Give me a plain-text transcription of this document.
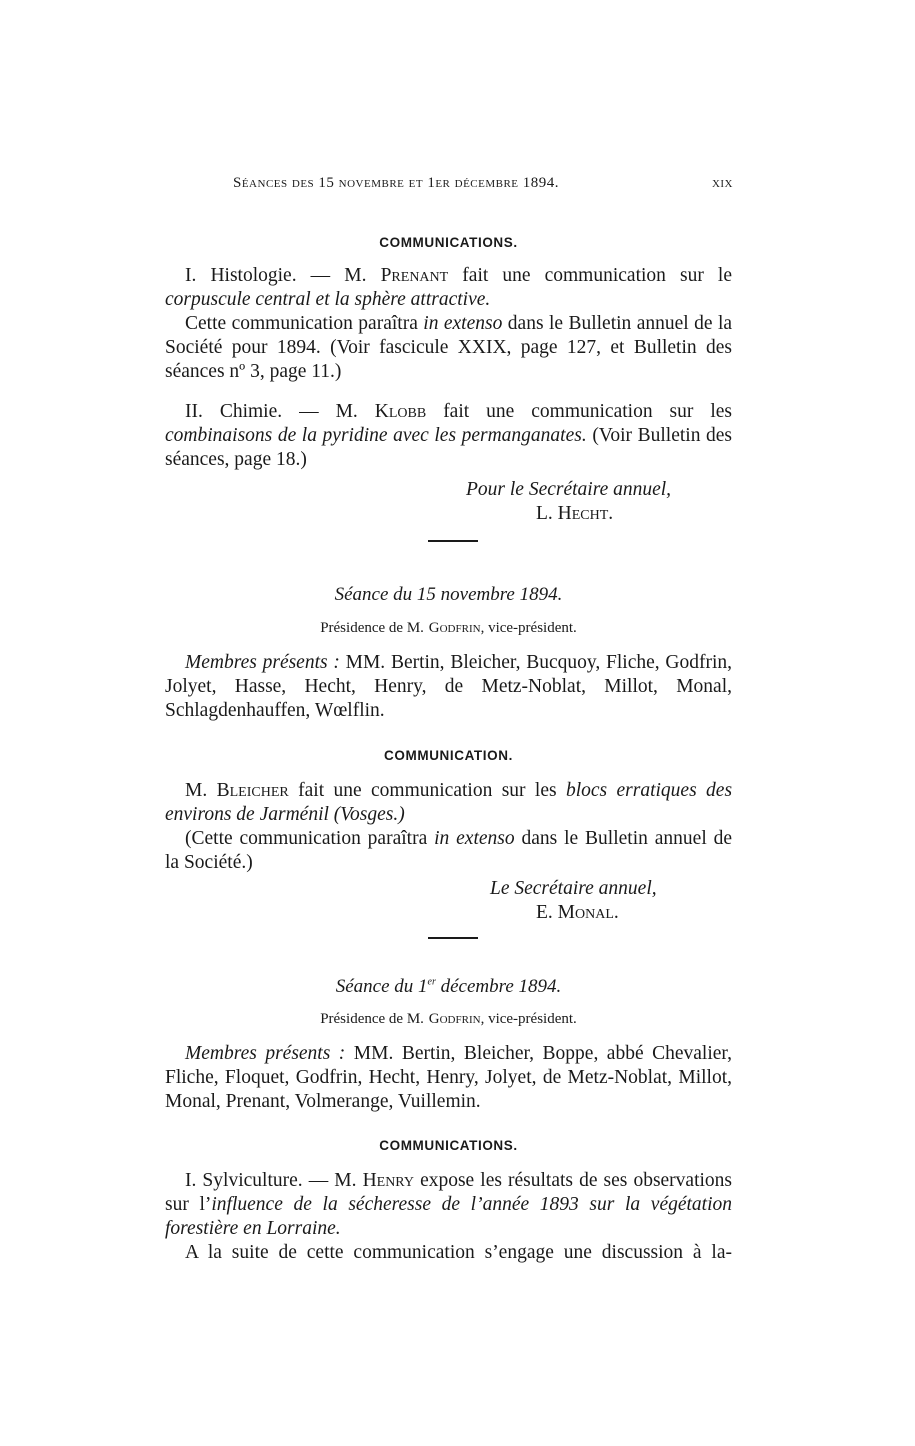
Séances des 15 novembre et 1er décembre 1894.	xix
COMMUNICATIONS.

I. Histologie. — M. Prenant fait une communication sur le corpuscule central et la sphère attractive.

Cette communication paraîtra in extenso dans le Bulletin annuel de la Société pour 1894. (Voir fascicule XXIX, page 127, et Bulletin des séances nº 3, page 11.)

II. Chimie. — M. Klobb fait une communication sur les combinaisons de la pyridine avec les permanganates. (Voir Bulletin des séances, page 18.)

Pour le Secrétaire annuel,
L. Hecht.
Séance du 15 novembre 1894.
Présidence de M. Godfrin, vice-président.

Membres présents : MM. Bertin, Bleicher, Bucquoy, Fliche, Godfrin, Jolyet, Hasse, Hecht, Henry, de Metz-Noblat, Millot, Monal, Schlagdenhauffen, Wœlflin.

COMMUNICATION.

M. Bleicher fait une communication sur les blocs erratiques des environs de Jarménil (Vosges.)

(Cette communication paraîtra in extenso dans le Bulletin annuel de la Société.)

Le Secrétaire annuel,
E. Monal.
Séance du 1er décembre 1894.
Présidence de M. Godfrin, vice-président.

Membres présents : MM. Bertin, Bleicher, Boppe, abbé Chevalier, Fliche, Floquet, Godfrin, Hecht, Henry, Jolyet, de Metz-Noblat, Millot, Monal, Prenant, Volmerange, Vuillemin.

COMMUNICATIONS.

I. Sylviculture. — M. Henry expose les résultats de ses observations sur l’influence de la sécheresse de l’année 1893 sur la végétation forestière en Lorraine.

A la suite de cette communication s’engage une discussion à la-
